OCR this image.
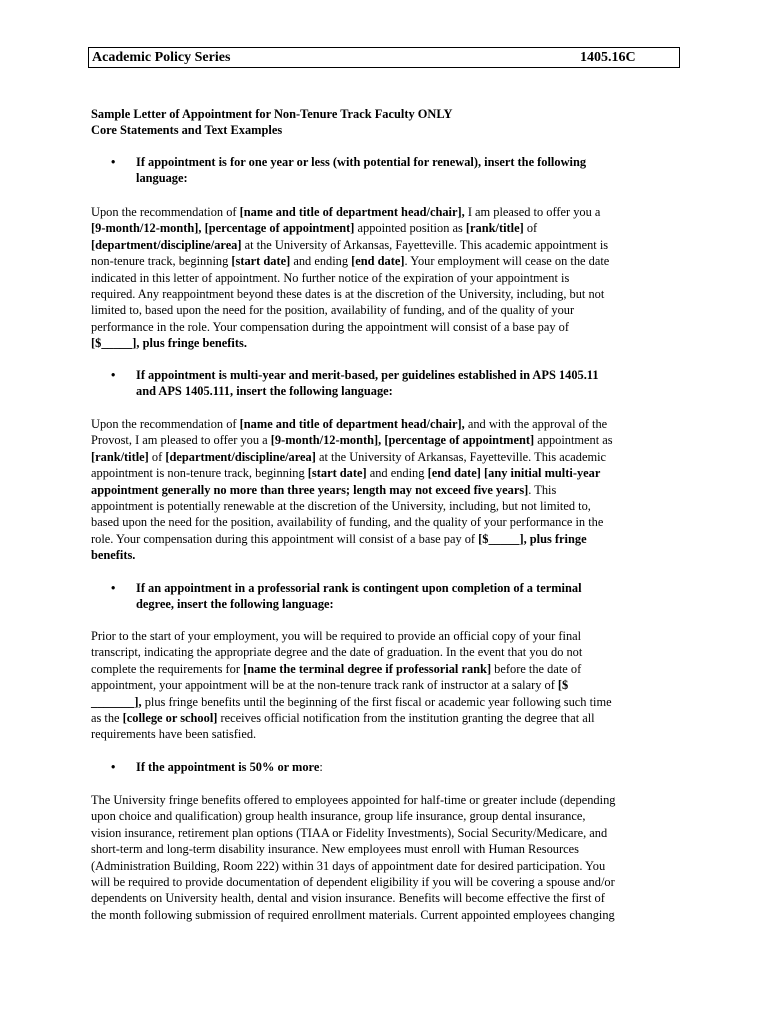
Academic Policy Series	1405.16C
Sample Letter of Appointment for Non-Tenure Track Faculty ONLY
Core Statements and Text Examples
• If appointment is for one year or less (with potential for renewal), insert the following
language:
Upon the recommendation of [name and title of department head/chair], I am pleased to offer you a
[9-month/12-month], [percentage of appointment] appointed position as [rank/title] of
[department/discipline/area] at the University of Arkansas, Fayetteville. This academic appointment is
non-tenure track, beginning [start date] and ending [end date]. Your employment will cease on the date
indicated in this letter of appointment. No further notice of the expiration of your appointment is
required. Any reappointment beyond these dates is at the discretion of the University, including, but not
limited to, based upon the need for the position, availability of funding, and of the quality of your
performance in the role. Your compensation during the appointment will consist of a base pay of
[$_____], plus fringe benefits.
• If appointment is multi-year and merit-based, per guidelines established in APS 1405.11
and APS 1405.111, insert the following language:
Upon the recommendation of [name and title of department head/chair], and with the approval of the
Provost, I am pleased to offer you a [9-month/12-month], [percentage of appointment] appointment as
[rank/title] of [department/discipline/area] at the University of Arkansas, Fayetteville. This academic
appointment is non-tenure track, beginning [start date] and ending [end date] [any initial multi-year
appointment generally no more than three years; length may not exceed five years]. This
appointment is potentially renewable at the discretion of the University, including, but not limited to,
based upon the need for the position, availability of funding, and the quality of your performance in the
role. Your compensation during this appointment will consist of a base pay of [$_____], plus fringe
benefits.
• If an appointment in a professorial rank is contingent upon completion of a terminal
degree, insert the following language:
Prior to the start of your employment, you will be required to provide an official copy of your final
transcript, indicating the appropriate degree and the date of graduation. In the event that you do not
complete the requirements for [name the terminal degree if professorial rank] before the date of
appointment, your appointment will be at the non-tenure track rank of instructor at a salary of [$
_______], plus fringe benefits until the beginning of the first fiscal or academic year following such time
as the [college or school] receives official notification from the institution granting the degree that all
requirements have been satisfied.
• If the appointment is 50% or more:
The University fringe benefits offered to employees appointed for half-time or greater include (depending
upon choice and qualification) group health insurance, group life insurance, group dental insurance,
vision insurance, retirement plan options (TIAA or Fidelity Investments), Social Security/Medicare, and
short-term and long-term disability insurance. New employees must enroll with Human Resources
(Administration Building, Room 222) within 31 days of appointment date for desired participation. You
will be required to provide documentation of dependent eligibility if you will be covering a spouse and/or
dependents on University health, dental and vision insurance. Benefits will become effective the first of
the month following submission of required enrollment materials. Current appointed employees changing
